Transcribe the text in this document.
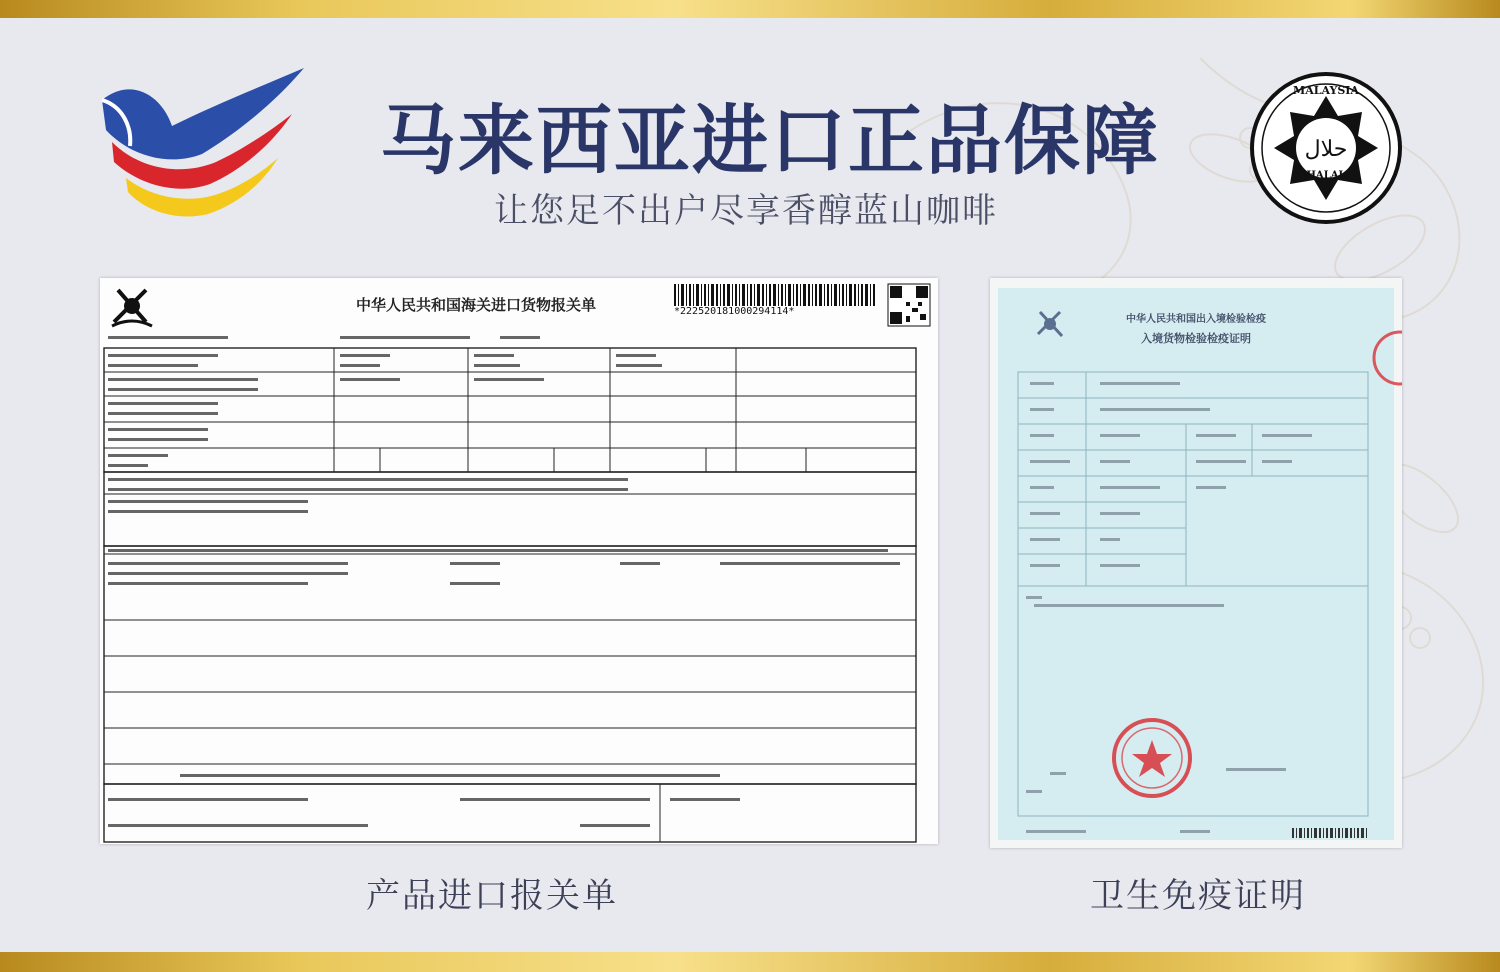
马来西亚进口正品保障
让您足不出户尽享香醇蓝山咖啡
حلال
MALAYSIA
HALAL
中华人民共和国海关进口货物报关单	*222520181000294114*
中华人民共和国出入境检验检疫
入境货物检验检疫证明
产品进口报关单	卫生免疫证明
